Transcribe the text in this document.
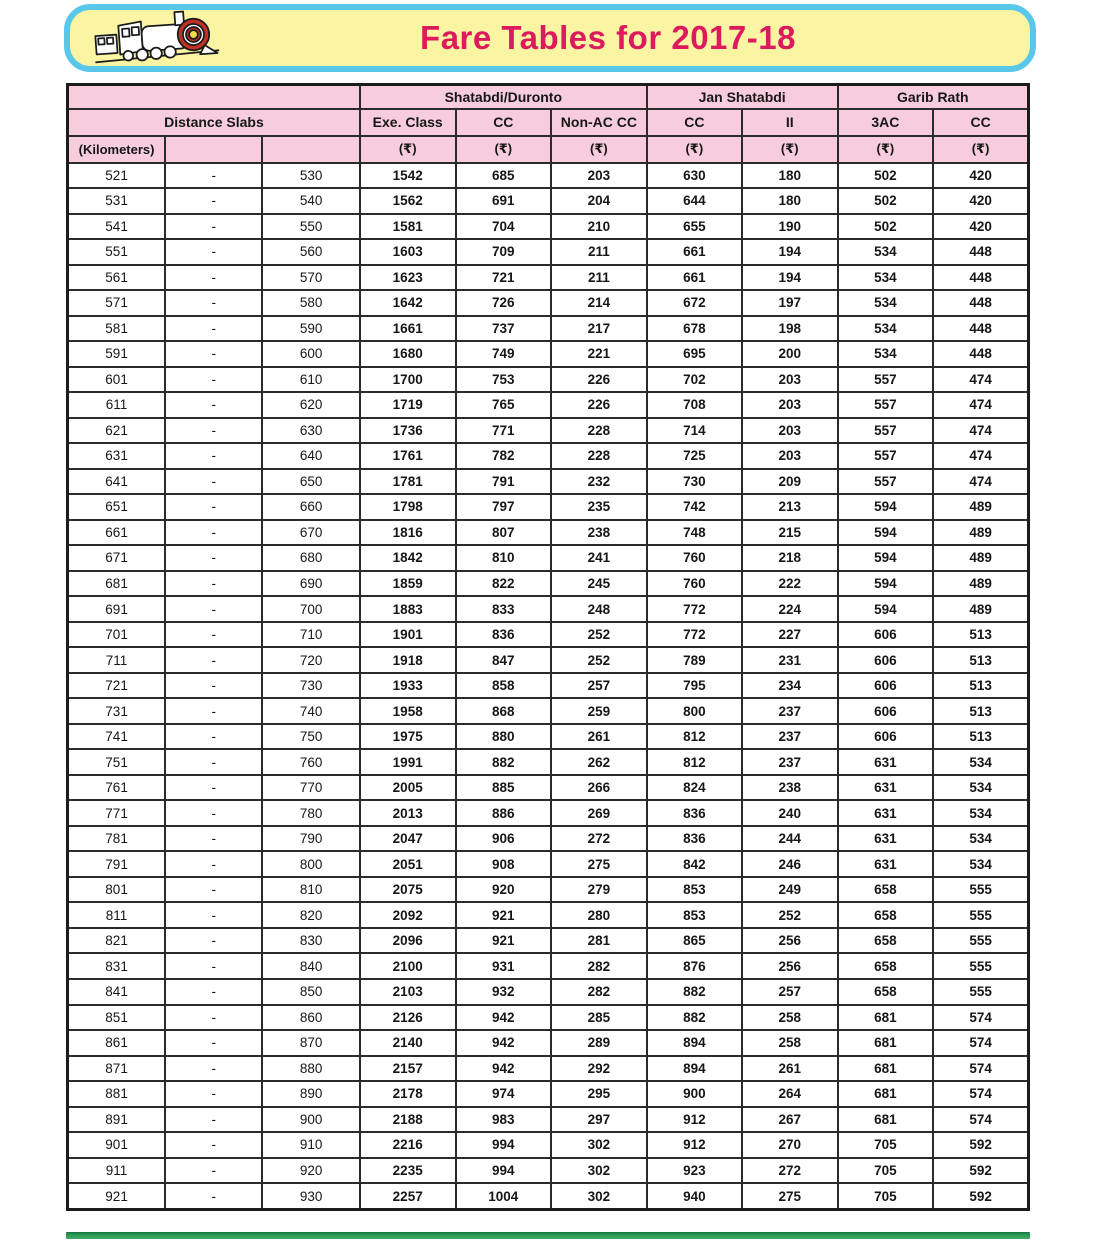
Fare Tables for 2017-18
			Shatabdi/Duronto			Jan Shatabdi		Garib Rath	
Distance Slabs			Exe. Class	CC	Non-AC CC	CC	II	3AC	CC
(Kilometers)			(₹)	(₹)	(₹)	(₹)	(₹)	(₹)	(₹)
521	-	530	1542	685	203	630	180	502	420
531	-	540	1562	691	204	644	180	502	420
541	-	550	1581	704	210	655	190	502	420
551	-	560	1603	709	211	661	194	534	448
561	-	570	1623	721	211	661	194	534	448
571	-	580	1642	726	214	672	197	534	448
581	-	590	1661	737	217	678	198	534	448
591	-	600	1680	749	221	695	200	534	448
601	-	610	1700	753	226	702	203	557	474
611	-	620	1719	765	226	708	203	557	474
621	-	630	1736	771	228	714	203	557	474
631	-	640	1761	782	228	725	203	557	474
641	-	650	1781	791	232	730	209	557	474
651	-	660	1798	797	235	742	213	594	489
661	-	670	1816	807	238	748	215	594	489
671	-	680	1842	810	241	760	218	594	489
681	-	690	1859	822	245	760	222	594	489
691	-	700	1883	833	248	772	224	594	489
701	-	710	1901	836	252	772	227	606	513
711	-	720	1918	847	252	789	231	606	513
721	-	730	1933	858	257	795	234	606	513
731	-	740	1958	868	259	800	237	606	513
741	-	750	1975	880	261	812	237	606	513
751	-	760	1991	882	262	812	237	631	534
761	-	770	2005	885	266	824	238	631	534
771	-	780	2013	886	269	836	240	631	534
781	-	790	2047	906	272	836	244	631	534
791	-	800	2051	908	275	842	246	631	534
801	-	810	2075	920	279	853	249	658	555
811	-	820	2092	921	280	853	252	658	555
821	-	830	2096	921	281	865	256	658	555
831	-	840	2100	931	282	876	256	658	555
841	-	850	2103	932	282	882	257	658	555
851	-	860	2126	942	285	882	258	681	574
861	-	870	2140	942	289	894	258	681	574
871	-	880	2157	942	292	894	261	681	574
881	-	890	2178	974	295	900	264	681	574
891	-	900	2188	983	297	912	267	681	574
901	-	910	2216	994	302	912	270	705	592
911	-	920	2235	994	302	923	272	705	592
921	-	930	2257	1004	302	940	275	705	592
